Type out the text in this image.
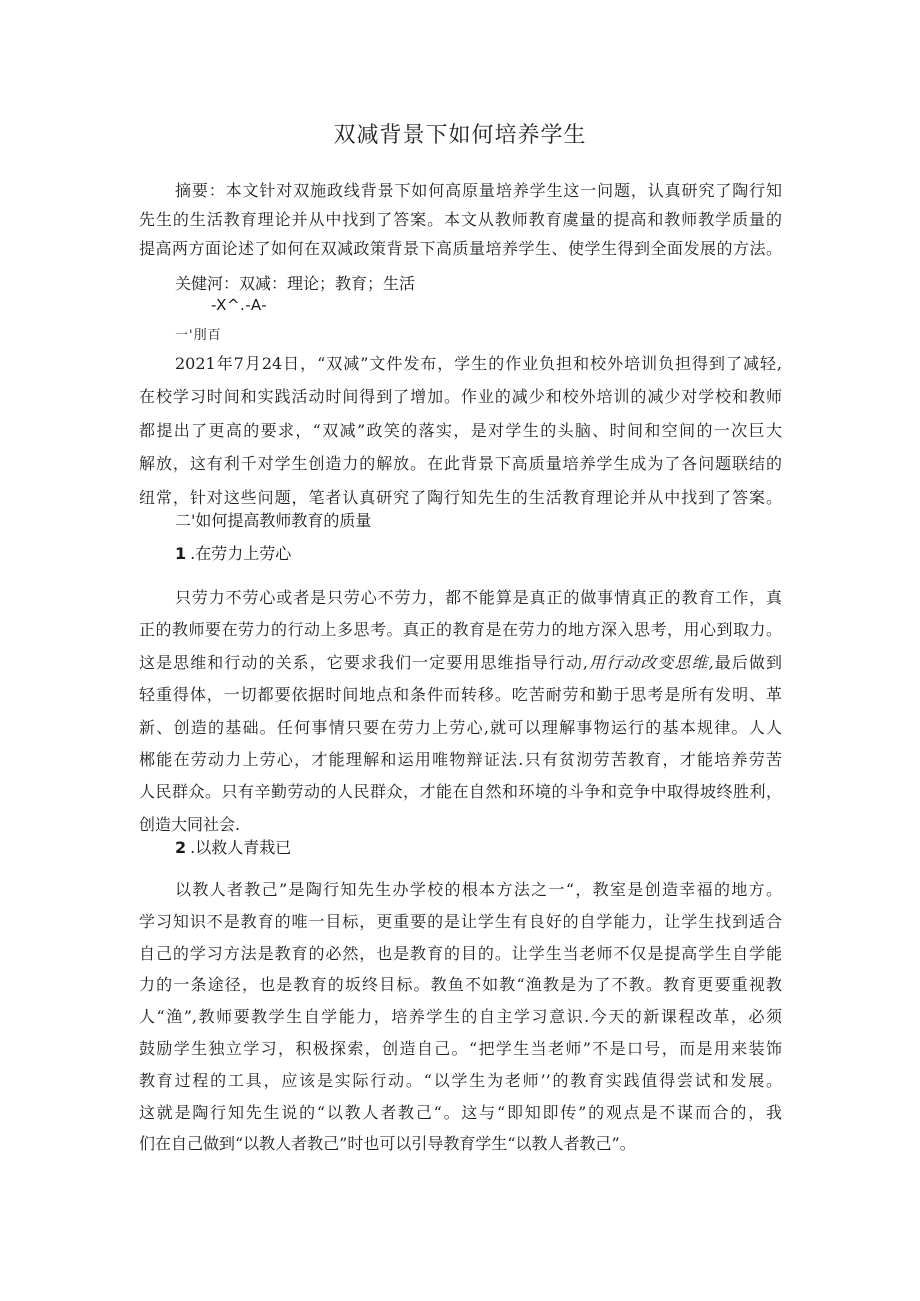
双减背景下如何培养学生
摘要：本文针对双施政线背景下如何高原量培养学生这一问题，认真研究了陶行知
先生的生活教育理论并从中找到了答案。本文从教师教育虞量的提高和教师教学质量的
提高两方面论述了如何在双减政策背景下高质量培养学生、使学生得到全面发展的方法。
关健河：双减：理论；教育；生活
-X^.-A-
一'刖百
2021年7月24日，“双减”文件发布，学生的作业负担和校外培训负担得到了减轻,
在校学习时间和实践活动时间得到了增加。作业的减少和校外培训的减少对学校和教师
都提出了更高的要求，“双减”政笑的落实，是对学生的头脑、时间和空间的一次巨大
解放，这有利千对学生创造力的解放。在此背景下高质量培养学生成为了各问题联结的
纽常，针对这些问题，笔者认真研究了陶行知先生的生活教育理论并从中找到了答案。
二'如何提高教师教育的质量
1 .在劳力上劳心
只劳力不劳心或者是只劳心不劳力，都不能算是真正的做事情真正的教育工作，真
正的教师要在劳力的行动上多思考。真正的教育是在劳力的地方深入思考，用心到取力。
这是思维和行动的关系，它要求我们一定要用思维指导行动,用行动改变思维,最后做到
轻重得体，一切都要依据时间地点和条件而转移。吃苦耐劳和勤于思考是所有发明、革
新、创造的基础。任何事情只要在劳力上劳心,就可以理解事物运行的基本规律。人人
郴能在劳动力上劳心，才能理解和运用唯物辩证法.只有贫沏劳苦教育，才能培养劳苦
人民群众。只有辛勤劳动的人民群众，才能在自然和环境的斗争和竞争中取得坡终胜利，
创造大同社会.
2 .以救人青栽已
以教人者教己”是陶行知先生办学校的根本方法之一“，教室是创造幸福的地方。
学习知识不是教育的唯一目标，更重要的是让学生有良好的自学能力，让学生找到适合
自己的学习方法是教育的必然，也是教育的目的。让学生当老师不仅是提高学生自学能
力的一条途径，也是教育的坂终目标。教鱼不如教“渔教是为了不教。教育更要重视教
人“渔”,教师要教学生自学能力，培养学生的自主学习意识.今天的新课程改革，必须
鼓励学生独立学习，积极探索，创造自己。“把学生当老师”不是口号，而是用来装饰
教育过程的工具，应该是实际行动。“以学生为老师’’的教育实践值得尝试和发展。
这就是陶行知先生说的“以教人者教己“。这与“即知即传”的观点是不谋而合的，我
们在自己做到“以教人者教己”时也可以引导教育学生“以教人者教己”。
